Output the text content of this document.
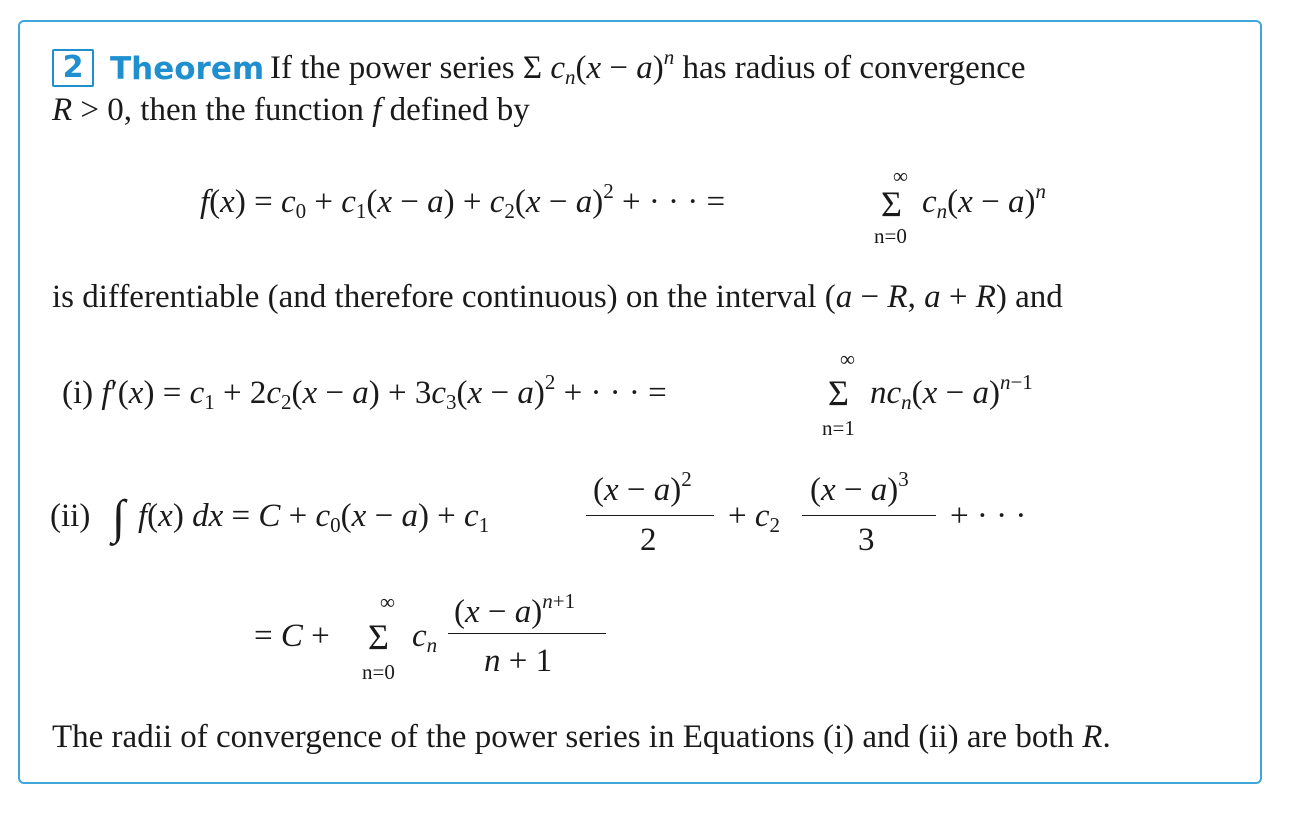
2 Theorem If the power series Σ $cn(x - a)^n$ has radius of convergence
R > 0, then the function f defined by
$f(x) = c0 + c1(x - a) + c2(x - a)^2$ + · · · =
∞
Σ
n=0
$cn(x - a)^n$
is differentiable (and therefore continuous) on the interval (a − R, a + R) and
(i) $f'(x) = c1 + 2c2(x - a) + 3c3(x - a)^2$ + · · · =
∞
Σ
n=1
$ncn(x - a)^{n-1}$
(ii) ∫ f(x) dx = C + c0(x − a) + c1
$(x - a)^2$
2
+ c2
$(x - a)^3$
3
+ · · ·
= C +
∞
Σ
n=0
cn
$(x - a)^{n+1}$
n + 1
The radii of convergence of the power series in Equations (i) and (ii) are both R.
